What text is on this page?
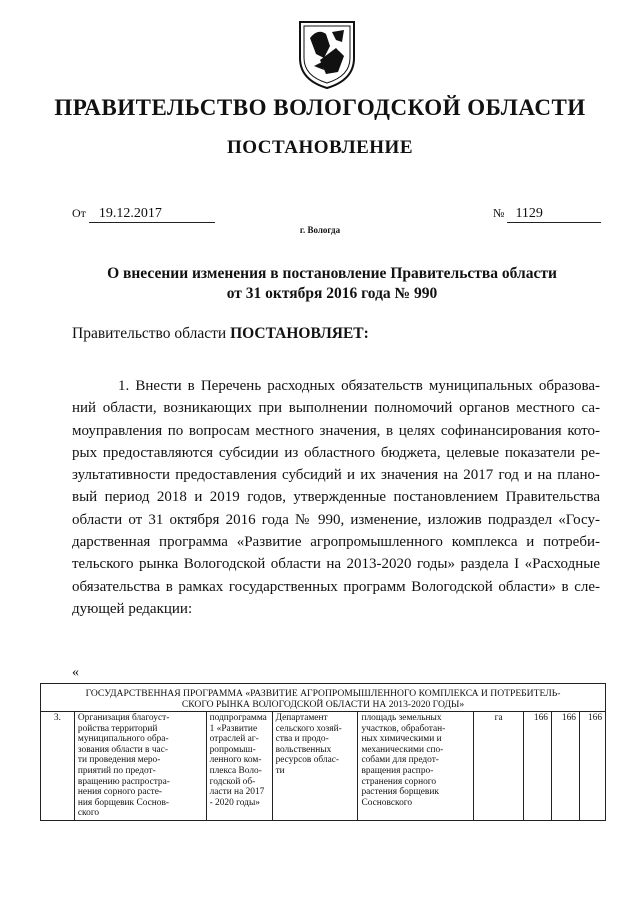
ПРАВИТЕЛЬСТВО ВОЛОГОДСКОЙ ОБЛАСТИ
ПОСТАНОВЛЕНИЕ
От 19.12.2017	№ 1129
г. Вологда
О внесении изменения в постановление Правительства области
от 31 октября 2016 года № 990
Правительство области ПОСТАНОВЛЯЕТ:
1. Внести в Перечень расходных обязательств муниципальных образова-
ний области, возникающих при выполнении полномочий органов местного са-
моуправления по вопросам местного значения, в целях софинансирования кото-
рых предоставляются субсидии из областного бюджета, целевые показатели ре-
зультативности предоставления субсидий и их значения на 2017 год и на плано-
вый период 2018 и 2019 годов, утвержденные постановлением Правительства
области от 31 октября 2016 года № 990, изменение, изложив подраздел «Госу-
дарственная программа «Развитие агропромышленного комплекса и потреби-
тельского рынка Вологодской области на 2013-2020 годы» раздела I «Расходные
обязательства в рамках государственных программ Вологодской области» в сле-
дующей редакции:
«
ГОСУДАРСТВЕННАЯ ПРОГРАММА «РАЗВИТИЕ АГРОПРОМЫШЛЕННОГО КОМПЛЕКСА И ПОТРЕБИТЕЛЬ-
СКОГО РЫНКА ВОЛОГОДСКОЙ ОБЛАСТИ НА 2013-2020 ГОДЫ»

3.	Организация благоуст-
ройства территорий
муниципального обра-
зования области в час-
ти проведения меро-
приятий по предот-
вращению распростра-
нения сорного расте-
ния борщевик Соснов-
ского

подпрограмма
1 «Развитие
отраслей аг-
ропромыш-
ленного ком-
плекса Воло-
годской об-
ласти на 2017
- 2020 годы»

Департамент
сельского хозяй-
ства и продо-
вольственных
ресурсов облас-
ти

площадь земельных
участков, обработан-
ных химическими и
механическими спо-
собами для предот-
вращения распро-
странения сорного
растения борщевик
Сосновского
	га	166	166	166
